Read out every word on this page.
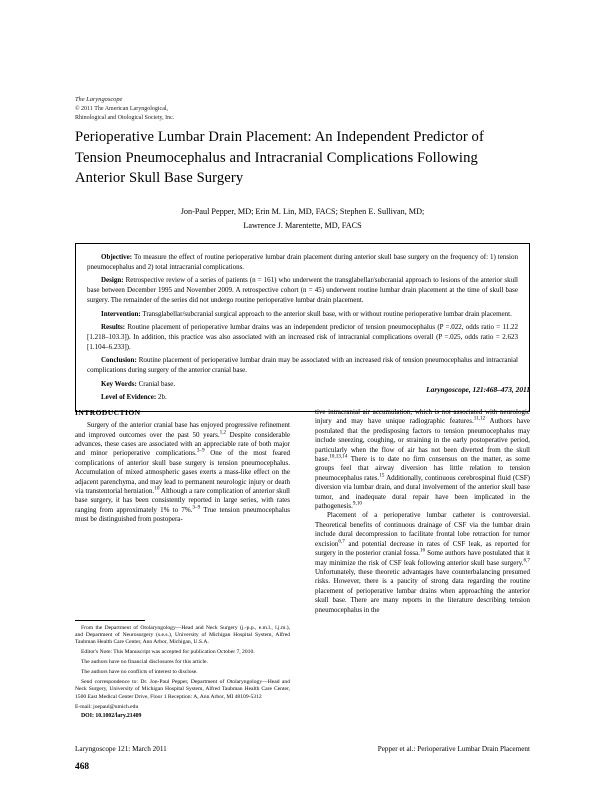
The Laryngoscope
© 2011 The American Laryngological,
Rhinological and Otological Society, Inc.
Perioperative Lumbar Drain Placement: An Independent Predictor of Tension Pneumocephalus and Intracranial Complications Following Anterior Skull Base Surgery
Jon-Paul Pepper, MD; Erin M. Lin, MD, FACS; Stephen E. Sullivan, MD;
Lawrence J. Marentette, MD, FACS

Objective: To measure the effect of routine perioperative lumbar drain placement during anterior skull base surgery on the frequency of: 1) tension pneumocephalus and 2) total intracranial complications.

Design: Retrospective review of a series of patients (n = 161) who underwent the transglabellar/subcranial approach to lesions of the anterior skull base between December 1995 and November 2009. A retrospective cohort (n = 45) underwent routine lumbar drain placement at the time of skull base surgery. The remainder of the series did not undergo routine perioperative lumbar drain placement.

Intervention: Transglabellar/subcranial surgical approach to the anterior skull base, with or without routine perioperative lumbar drain placement.

Results: Routine placement of perioperative lumbar drains was an independent predictor of tension pneumocephalus (P =.022, odds ratio = 11.22 [1.218–103.3]). In addition, this practice was also associated with an increased risk of intracranial complications overall (P =.025, odds ratio = 2.623 [1.104–6.233]).

Conclusion: Routine placement of perioperative lumbar drain may be associated with an increased risk of tension pneumocephalus and intracranial complications during surgery of the anterior cranial base.

Key Words: Cranial base.

Level of Evidence: 2b.

Laryngoscope, 121:468–473, 2011
INTRODUCTION

Surgery of the anterior cranial base has enjoyed progressive refinement and improved outcomes over the past 50 years.$^{1,2}$ Despite considerable advances, these cases are associated with an appreciable rate of both major and minor perioperative complications.$^{3-9}$ One of the most feared complications of anterior skull base surgery is tension pneumocephalus. Accumulation of mixed atmospheric gases exerts a mass-like effect on the adjacent parenchyma, and may lead to permanent neurologic injury or death via transtentorial herniation.$^{10}$ Although a rare complication of anterior skull base surgery, it has been consistently reported in large series, with rates ranging from approximately 1% to 7%.$^{3-9}$ True tension pneumocephalus must be distinguished from postopera-

tive intracranial air accumulation, which is not associated with neurologic injury and may have unique radiographic features.$^{11,12}$ Authors have postulated that the predisposing factors to tension pneumocephalus may include sneezing, coughing, or straining in the early postoperative period, particularly when the flow of air has not been diverted from the skull base.$^{10,13,14}$ There is to date no firm consensus on the matter, as some groups feel that airway diversion has little relation to tension pneumocephalus rates.$^{15}$ Additionally, continuous cerebrospinal fluid (CSF) diversion via lumbar drain, and dural involvement of the anterior skull base tumor, and inadequate dural repair have been implicated in the pathogenesis.$^{9,10}$

Placement of a perioperative lumbar catheter is controversial. Theoretical benefits of continuous drainage of CSF via the lumbar drain include dural decompression to facilitate frontal lobe retraction for tumor excision$^{6,7}$ and potential decrease in rates of CSF leak, as reported for surgery in the posterior cranial fossa.$^{16}$ Some authors have postulated that it may minimize the risk of CSF leak following anterior skull base surgery.$^{6,7}$ Unfortunately, these theoretic advantages have counterbalancing presumed risks. However, there is a paucity of strong data regarding the routine placement of perioperative lumbar drains when approaching the anterior skull base. There are many reports in the literature describing tension pneumocephalus in the

From the Department of Otolaryngology—Head and Neck Surgery (j.-p.p., e.m.l., l.j.m.), and Department of Neurosurgery (s.e.s.), University of Michigan Hospital System, Alfred Taubman Health Care Center, Ann Arbor, Michigan, U.S.A.

Editor's Note: This Manuscript was accepted for publication October 7, 2010.

The authors have no financial disclosures for this article.

The authors have no conflicts of interest to disclose.

Send correspondence to: Dr. Jon-Paul Pepper, Department of Otolaryngology—Head and Neck Surgery, University of Michigan Hospital System, Alfred Taubman Health Care Center, 1500 East Medical Center Drive, Floor 1 Reception: A, Ann Arbor, MI 48109-5312

E-mail: joepaul@umich.edu

DOI: 10.1002/lary.21409

Laryngoscope 121: March 2011	Pepper et al.: Perioperative Lumbar Drain Placement
468
